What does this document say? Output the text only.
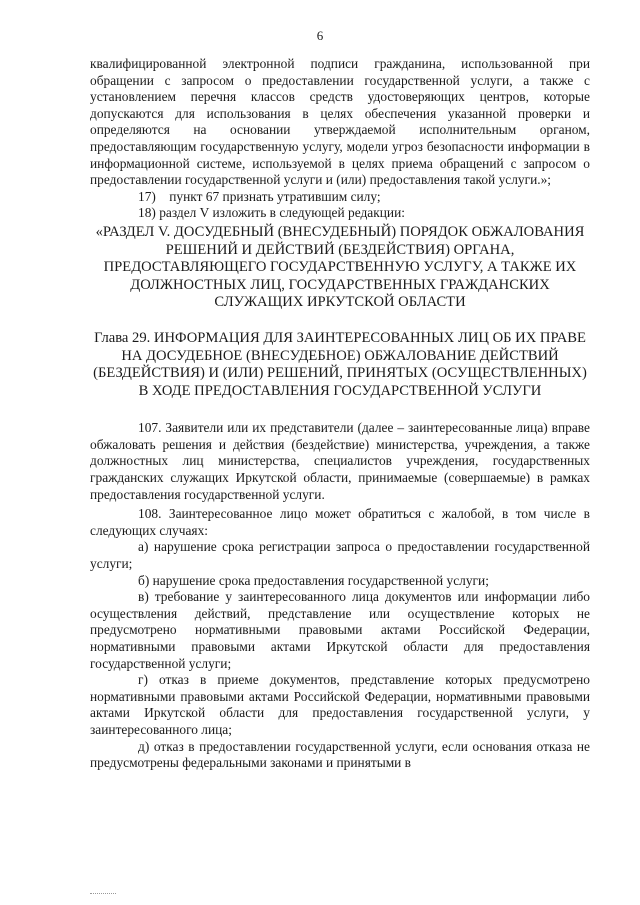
6

квалифицированной электронной подписи гражданина, использованной при обращении с запросом о предоставлении государственной услуги, а также с установлением перечня классов средств удостоверяющих центров, которые допускаются для использования в целях обеспечения указанной проверки и определяются на основании утверждаемой исполнительным органом, предоставляющим государственную услугу, модели угроз безопасности информации в информационной системе, используемой в целях приема обращений с запросом о предоставлении государственной услуги и (или) предоставления такой услуги.»;

17)    пункт 67 признать утратившим силу;

18) раздел V изложить в следующей редакции:

«РАЗДЕЛ V. ДОСУДЕБНЫЙ (ВНЕСУДЕБНЫЙ) ПОРЯДОК ОБЖАЛОВАНИЯ РЕШЕНИЙ И ДЕЙСТВИЙ (БЕЗДЕЙСТВИЯ) ОРГАНА, ПРЕДОСТАВЛЯЮЩЕГО ГОСУДАРСТВЕННУЮ УСЛУГУ, А ТАКЖЕ ИХ ДОЛЖНОСТНЫХ ЛИЦ, ГОСУДАРСТВЕННЫХ ГРАЖДАНСКИХ СЛУЖАЩИХ ИРКУТСКОЙ ОБЛАСТИ
Глава 29. ИНФОРМАЦИЯ ДЛЯ ЗАИНТЕРЕСОВАННЫХ ЛИЦ ОБ ИХ ПРАВЕ НА ДОСУДЕБНОЕ (ВНЕСУДЕБНОЕ) ОБЖАЛОВАНИЕ ДЕЙСТВИЙ (БЕЗДЕЙСТВИЯ) И (ИЛИ) РЕШЕНИЙ, ПРИНЯТЫХ (ОСУЩЕСТВЛЕННЫХ) В ХОДЕ ПРЕДОСТАВЛЕНИЯ ГОСУДАРСТВЕННОЙ УСЛУГИ

107. Заявители или их представители (далее – заинтересованные лица) вправе обжаловать решения и действия (бездействие) министерства, учреждения, а также должностных лиц министерства, специалистов учреждения, государственных гражданских служащих Иркутской области, принимаемые (совершаемые) в рамках предоставления государственной услуги.

108. Заинтересованное лицо может обратиться с жалобой, в том числе в следующих случаях:

а) нарушение срока регистрации запроса о предоставлении государственной услуги;

б) нарушение срока предоставления государственной услуги;

в) требование у заинтересованного лица документов или информации либо осуществления действий, представление или осуществление которых не предусмотрено нормативными правовыми актами Российской Федерации, нормативными правовыми актами Иркутской области для предоставления государственной услуги;

г) отказ в приеме документов, представление которых предусмотрено нормативными правовыми актами Российской Федерации, нормативными правовыми актами Иркутской области для предоставления государственной услуги, у заинтересованного лица;

д) отказ в предоставлении государственной услуги, если основания отказа не предусмотрены федеральными законами и принятыми в
